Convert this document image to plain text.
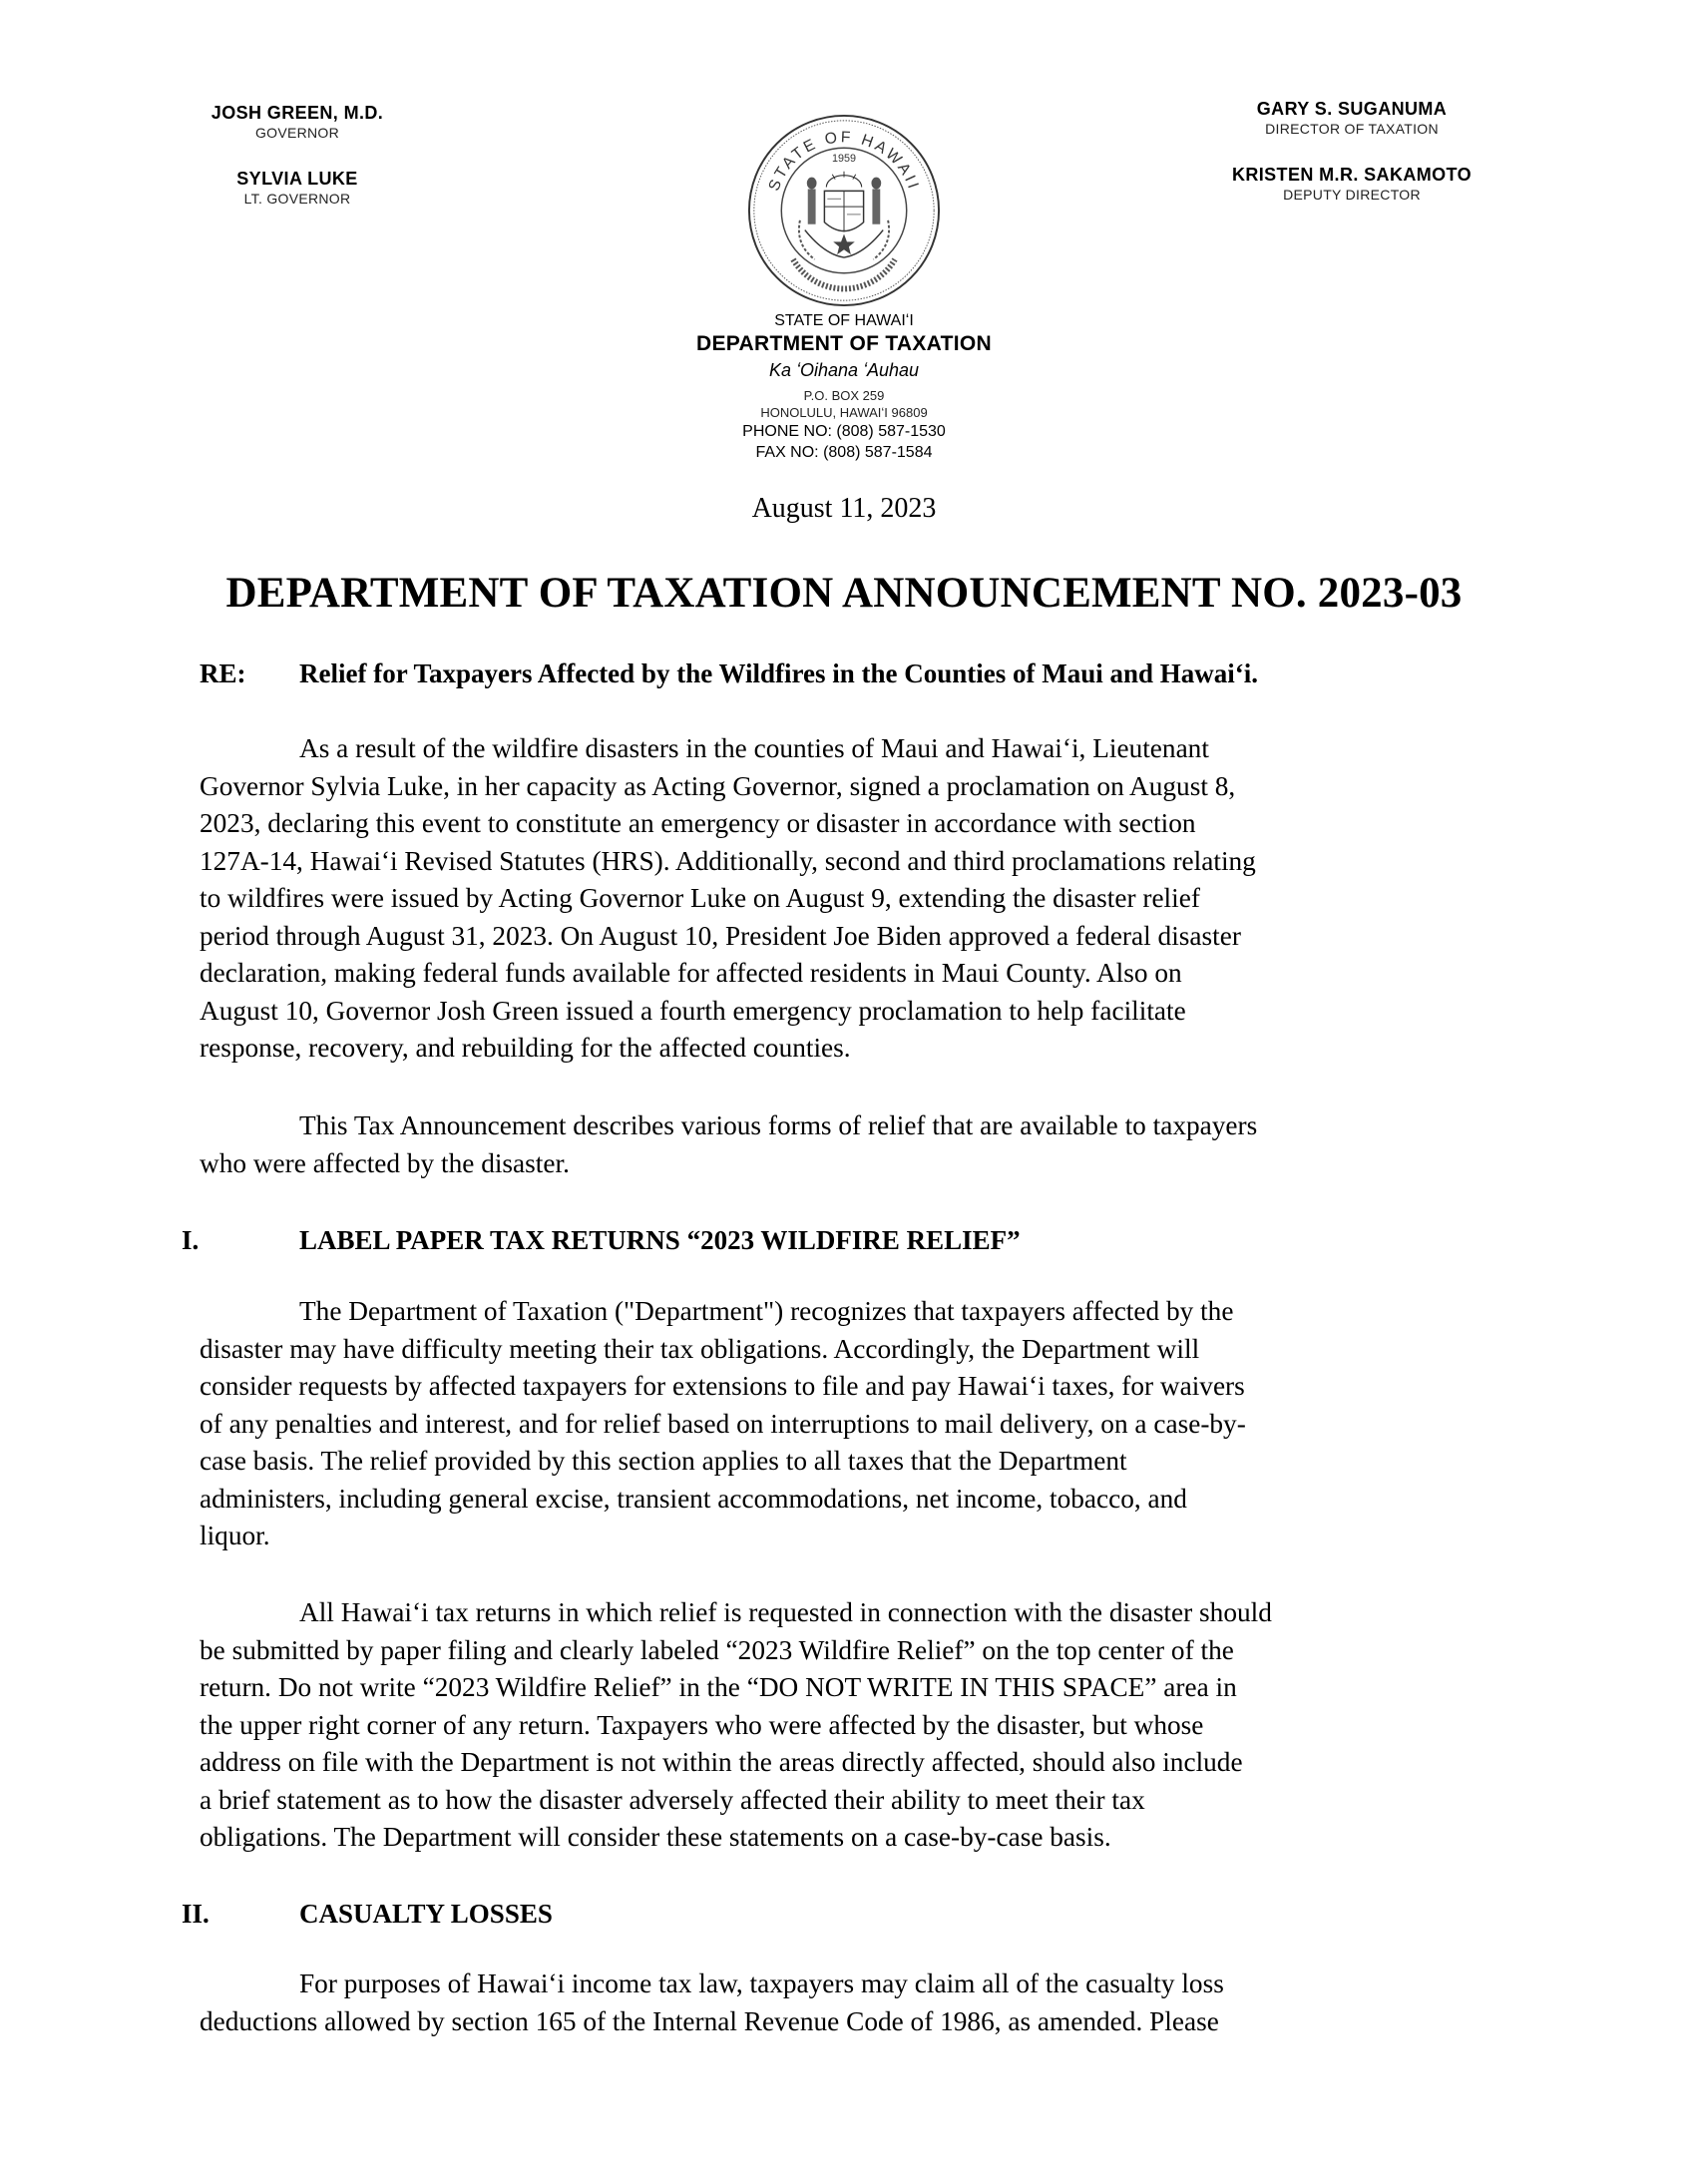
JOSH GREEN, M.D.
GOVERNOR
SYLVIA LUKE
LT. GOVERNOR
GARY S. SUGANUMA
DIRECTOR OF TAXATION
KRISTEN M.R. SAKAMOTO
DEPUTY DIRECTOR
STATE OF HAWAII
1959
STATE OF HAWAIʻI
DEPARTMENT OF TAXATION
Ka ʻOihana ʻAuhau
P.O. BOX 259
HONOLULU, HAWAIʻI 96809
PHONE NO: (808) 587-1530
FAX NO: (808) 587-1584
August 11, 2023
DEPARTMENT OF TAXATION ANNOUNCEMENT NO. 2023-03
RE: Relief for Taxpayers Affected by the Wildfires in the Counties of Maui and Hawaiʻi.

As a result of the wildfire disasters in the counties of Maui and Hawaiʻi, Lieutenant
Governor Sylvia Luke, in her capacity as Acting Governor, signed a proclamation on August 8,
2023, declaring this event to constitute an emergency or disaster in accordance with section
127A-14, Hawaiʻi Revised Statutes (HRS). Additionally, second and third proclamations relating
to wildfires were issued by Acting Governor Luke on August 9, extending the disaster relief
period through August 31, 2023. On August 10, President Joe Biden approved a federal disaster
declaration, making federal funds available for affected residents in Maui County. Also on
August 10, Governor Josh Green issued a fourth emergency proclamation to help facilitate
response, recovery, and rebuilding for the affected counties.

This Tax Announcement describes various forms of relief that are available to taxpayers
who were affected by the disaster.

I.	LABEL PAPER TAX RETURNS “2023 WILDFIRE RELIEF”

The Department of Taxation ("Department") recognizes that taxpayers affected by the
disaster may have difficulty meeting their tax obligations. Accordingly, the Department will
consider requests by affected taxpayers for extensions to file and pay Hawaiʻi taxes, for waivers
of any penalties and interest, and for relief based on interruptions to mail delivery, on a case-by-
case basis. The relief provided by this section applies to all taxes that the Department
administers, including general excise, transient accommodations, net income, tobacco, and
liquor.

All Hawaiʻi tax returns in which relief is requested in connection with the disaster should
be submitted by paper filing and clearly labeled “2023 Wildfire Relief” on the top center of the
return. Do not write “2023 Wildfire Relief” in the “DO NOT WRITE IN THIS SPACE” area in
the upper right corner of any return. Taxpayers who were affected by the disaster, but whose
address on file with the Department is not within the areas directly affected, should also include
a brief statement as to how the disaster adversely affected their ability to meet their tax
obligations. The Department will consider these statements on a case-by-case basis.

II.	CASUALTY LOSSES

For purposes of Hawaiʻi income tax law, taxpayers may claim all of the casualty loss
deductions allowed by section 165 of the Internal Revenue Code of 1986, as amended. Please
